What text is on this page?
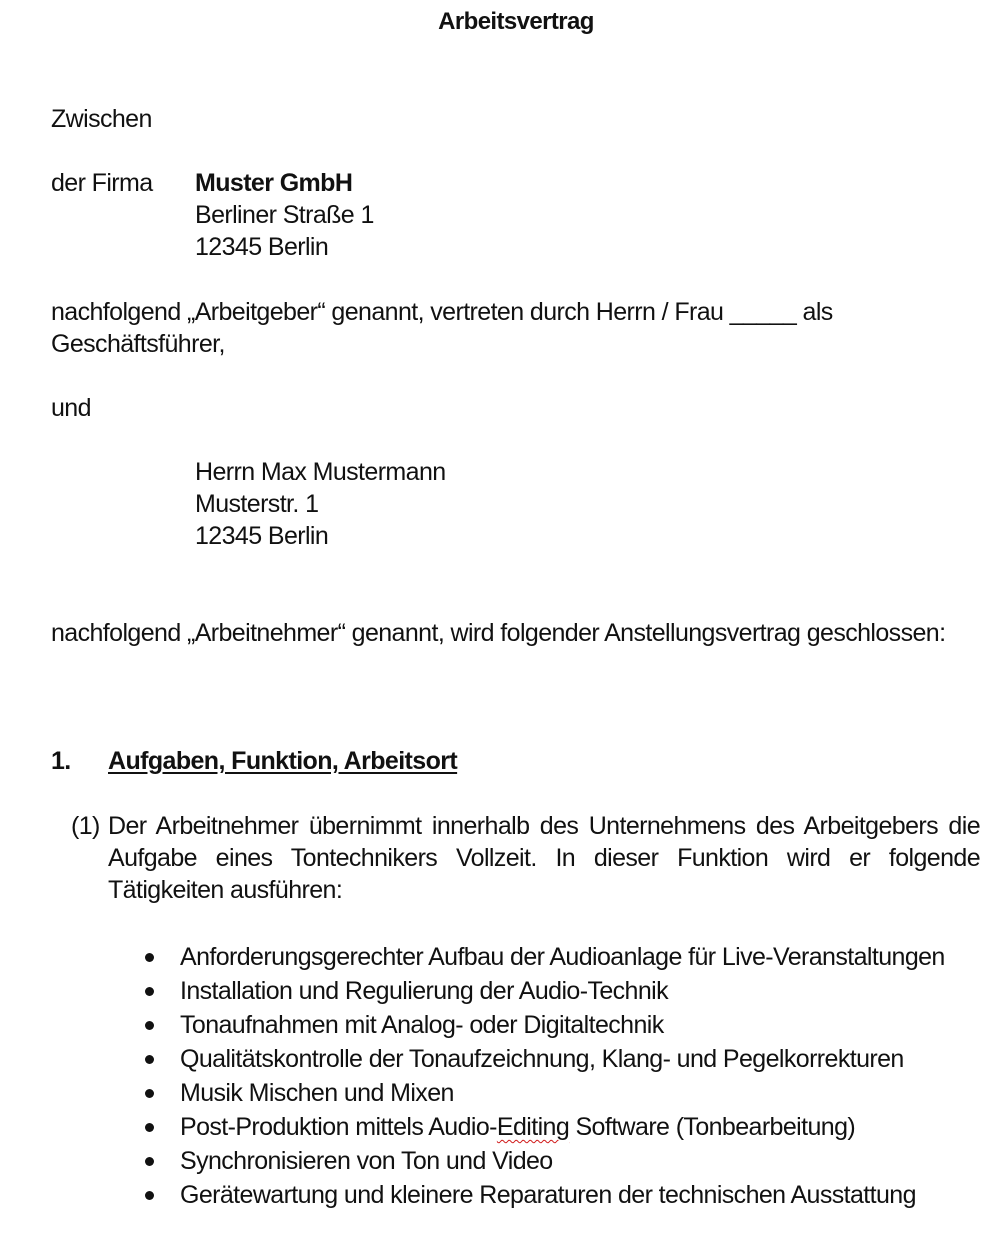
Arbeitsvertrag
Zwischen
der Firma Muster GmbH
Berliner Straße 1
12345 Berlin
nachfolgend „Arbeitgeber“ genannt, vertreten durch Herrn / Frau _____ als
Geschäftsführer,
und
Herrn Max Mustermann
Musterstr. 1
12345 Berlin
nachfolgend „Arbeitnehmer“ genannt, wird folgender Anstellungsvertrag geschlossen:
1. Aufgaben, Funktion, Arbeitsort
(1) Der Arbeitnehmer übernimmt innerhalb des Unternehmens des Arbeitgebers die Aufgabe eines Tontechnikers Vollzeit. In dieser Funktion wird er folgende Tätigkeiten ausführen:
Anforderungsgerechter Aufbau der Audioanlage für Live-Veranstaltungen
Installation und Regulierung der Audio-Technik
Tonaufnahmen mit Analog- oder Digitaltechnik
Qualitätskontrolle der Tonaufzeichnung, Klang- und Pegelkorrekturen
Musik Mischen und Mixen
Post-Produktion mittels Audio-Editing Software (Tonbearbeitung)
Synchronisieren von Ton und Video
Gerätewartung und kleinere Reparaturen der technischen Ausstattung
